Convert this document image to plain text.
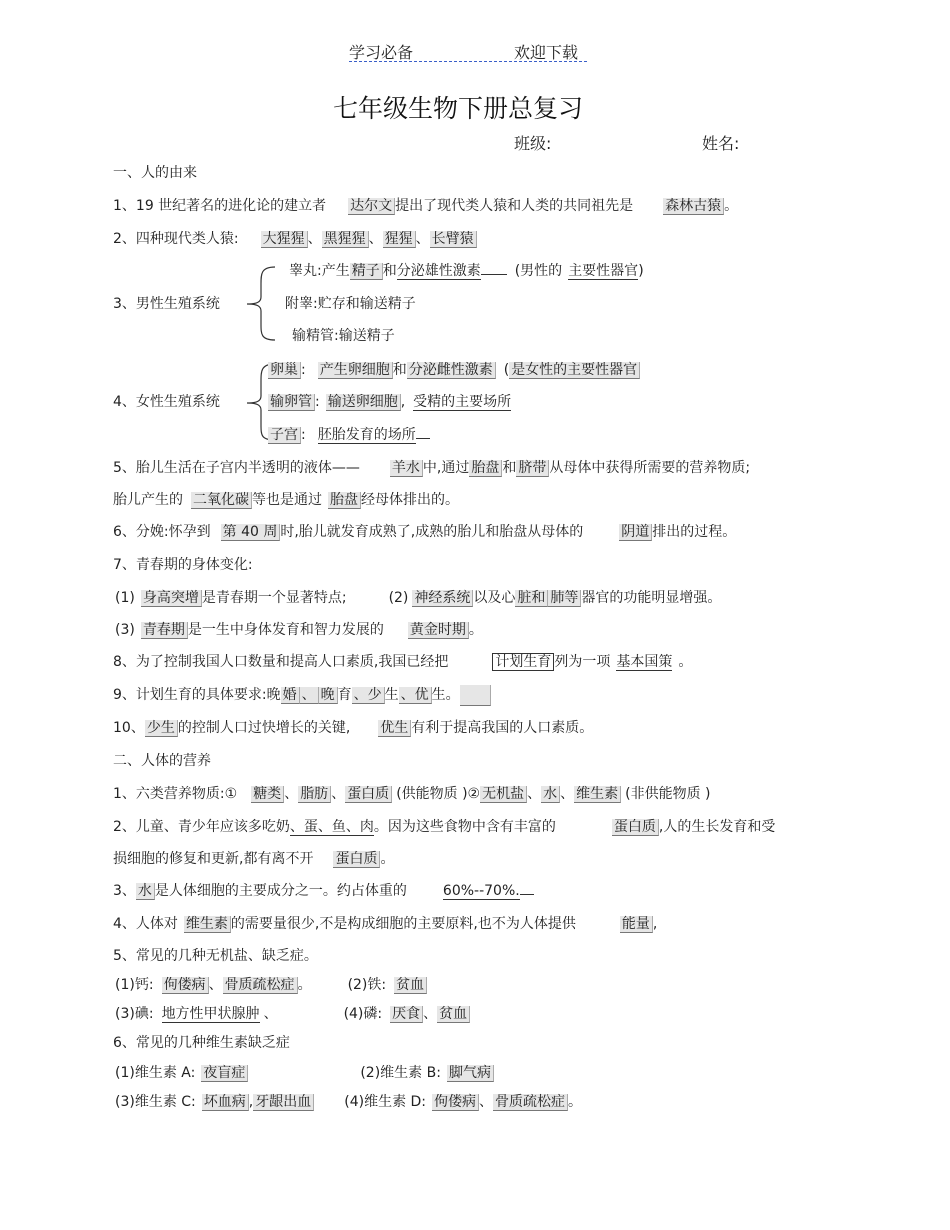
学习必备	欢迎下载
七年级生物下册总复习
班级:	姓名:
一、人的由来
1、19 世纪著名的进化论的建立者 达尔文 提出了现代类人猿和人类的共同祖先是 森林古猿 。
2、四种现代类人猿: 大猩猩 、 黑猩猩 、 猩猩 、 长臂猿
3、男性生殖系统
睾丸:产生 精子 和分泌雄性激素 (男性的 主要性器官)
附睾:贮存和输送精子
输精管:输送精子
4、女性生殖系统
卵巢 : 产生卵细胞 和 分泌雌性激素 ( 是女性的主要性器官
输卵管 : 输送卵细胞 , 受精的主要场所
子宫 : 胚胎发育的场所
5、胎儿生活在子宫内半透明的液体—— 羊水 中,通过 胎盘 和 脐带 从母体中获得所需要的营养物质;
胎儿产生的 二氧化碳 等也是通过 胎盘 经母体排出的。
6、分娩:怀孕到 第 40 周 时,胎儿就发育成熟了,成熟的胎儿和胎盘从母体的	阴道 排出的过程。
7、青春期的身体变化:
(1) 身高突增 是青春期一个显著特点;	(2) 神经系统 以及心 脏和 肺等 器官的功能明显增强。
(3) 青春期 是一生中身体发育和智力发展的 黄金时期 。
8、为了控制我国人口数量和提高人口素质,我国已经把	计划生育 列为一项 基本国策 。
9、计划生育的具体要求:晚 婚 、 晚 育 、少 生 、优 生。
10、 少生 的控制人口过快增长的关键, 优生 有利于提高我国的人口素质。
二、人体的营养
1、六类营养物质:① 糖类 、 脂肪 、 蛋白质 (供能物质 )② 无机盐 、 水 、 维生素 (非供能物质 )
2、儿童、青少年应该多吃奶、蛋、鱼、肉。因为这些食物中含有丰富的	蛋白质 ,人的生长发育和受
损细胞的修复和更新,都有离不开 蛋白质 。
3、 水 是人体细胞的主要成分之一。约占体重的	60%--70%.
4、人体对 维生素 的需要量很少,不是构成细胞的主要原料,也不为人体提供	能量 ,
5、常见的几种无机盐、缺乏症。
(1)钙: 佝偻病 、 骨质疏松症 。	(2)铁: 贫血
(3)碘: 地方性甲状腺肿 、	(4)磷: 厌食 、 贫血
6、常见的几种维生素缺乏症
(1)维生素 A: 夜盲症	(2)维生素 B: 脚气病
(3)维生素 C: 坏血病 , 牙龈出血 (4)维生素 D: 佝偻病 、 骨质疏松症 。
